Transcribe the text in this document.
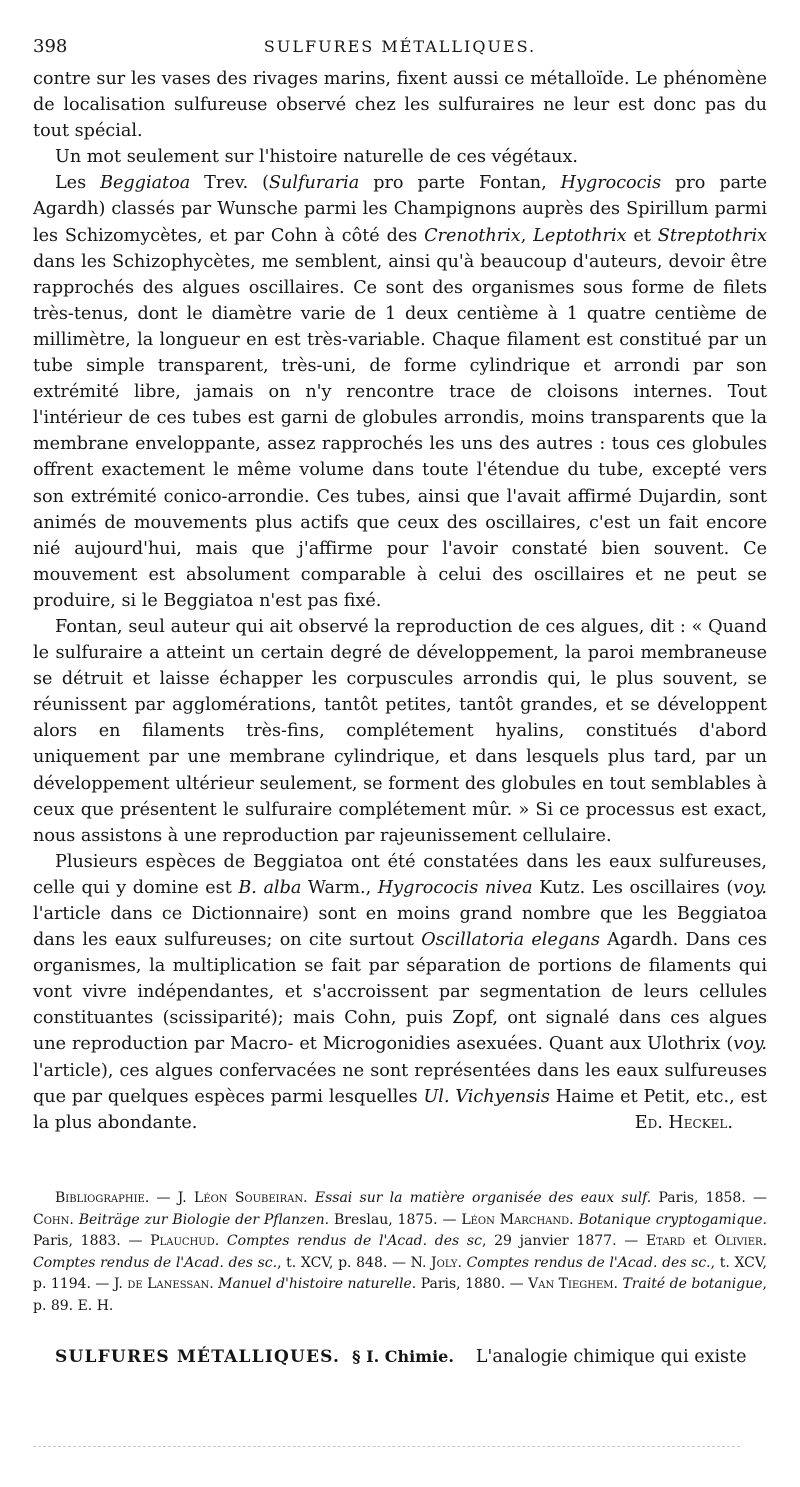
398	SULFURES MÉTALLIQUES.

contre sur les vases des rivages marins, fixent aussi ce métalloïde. Le phénomène de localisation sulfureuse observé chez les sulfuraires ne leur est donc pas du tout spécial.

Un mot seulement sur l'histoire naturelle de ces végétaux.

Les Beggiatoa Trev. (Sulfuraria pro parte Fontan, Hygrococis pro parte Agardh) classés par Wunsche parmi les Champignons auprès des Spirillum parmi les Schizomycètes, et par Cohn à côté des Crenothrix, Leptothrix et Streptothrix dans les Schizophycètes, me semblent, ainsi qu'à beaucoup d'auteurs, devoir être rapprochés des algues oscillaires. Ce sont des organismes sous forme de filets très-tenus, dont le diamètre varie de 1 deux centième à 1 quatre centième de millimètre, la longueur en est très-variable. Chaque filament est constitué par un tube simple transparent, très-uni, de forme cylindrique et arrondi par son extrémité libre, jamais on n'y rencontre trace de cloisons internes. Tout l'intérieur de ces tubes est garni de globules arrondis, moins transparents que la membrane enveloppante, assez rapprochés les uns des autres : tous ces globules offrent exactement le même volume dans toute l'étendue du tube, excepté vers son extrémité conico-arrondie. Ces tubes, ainsi que l'avait affirmé Dujardin, sont animés de mouvements plus actifs que ceux des oscillaires, c'est un fait encore nié aujourd'hui, mais que j'affirme pour l'avoir constaté bien souvent. Ce mouvement est absolument comparable à celui des oscillaires et ne peut se produire, si le Beggiatoa n'est pas fixé.

Fontan, seul auteur qui ait observé la reproduction de ces algues, dit : « Quand le sulfuraire a atteint un certain degré de développement, la paroi membraneuse se détruit et laisse échapper les corpuscules arrondis qui, le plus souvent, se réunissent par agglomérations, tantôt petites, tantôt grandes, et se développent alors en filaments très-fins, complétement hyalins, constitués d'abord uniquement par une membrane cylindrique, et dans lesquels plus tard, par un développement ultérieur seulement, se forment des globules en tout semblables à ceux que présentent le sulfuraire complétement mûr. » Si ce processus est exact, nous assistons à une reproduction par rajeunissement cellulaire.

Plusieurs espèces de Beggiatoa ont été constatées dans les eaux sulfureuses, celle qui y domine est B. alba Warm., Hygrococis nivea Kutz. Les oscillaires (voy. l'article dans ce Dictionnaire) sont en moins grand nombre que les Beggiatoa dans les eaux sulfureuses; on cite surtout Oscillatoria elegans Agardh. Dans ces organismes, la multiplication se fait par séparation de portions de filaments qui vont vivre indépendantes, et s'accroissent par segmentation de leurs cellules constituantes (scissiparité); mais Cohn, puis Zopf, ont signalé dans ces algues une reproduction par Macro- et Microgonidies asexuées. Quant aux Ulothrix (voy. l'article), ces algues confervacées ne sont représentées dans les eaux sulfureuses que par quelques espèces parmi lesquelles Ul. Vichyensis Haime et Petit, etc., est la plus abondante.	Ed. Heckel.

Bibliographie. — J. Léon Soubeiran. Essai sur la matière organisée des eaux sulf. Paris, 1858. — Cohn. Beiträge zur Biologie der Pflanzen. Breslau, 1875. — Léon Marchand. Botanique cryptogamique. Paris, 1883. — Plauchud. Comptes rendus de l'Acad. des sc, 29 janvier 1877. — Etard et Olivier. Comptes rendus de l'Acad. des sc., t. XCV, p. 848. — N. Joly. Comptes rendus de l'Acad. des sc., t. XCV, p. 1194. — J. de Lanessan. Manuel d'histoire naturelle. Paris, 1880. — Van Tieghem. Traité de botanigue, p. 89. E. H.

SULFURES MÉTALLIQUES. § I. Chimie. L'analogie chimique qui existe
